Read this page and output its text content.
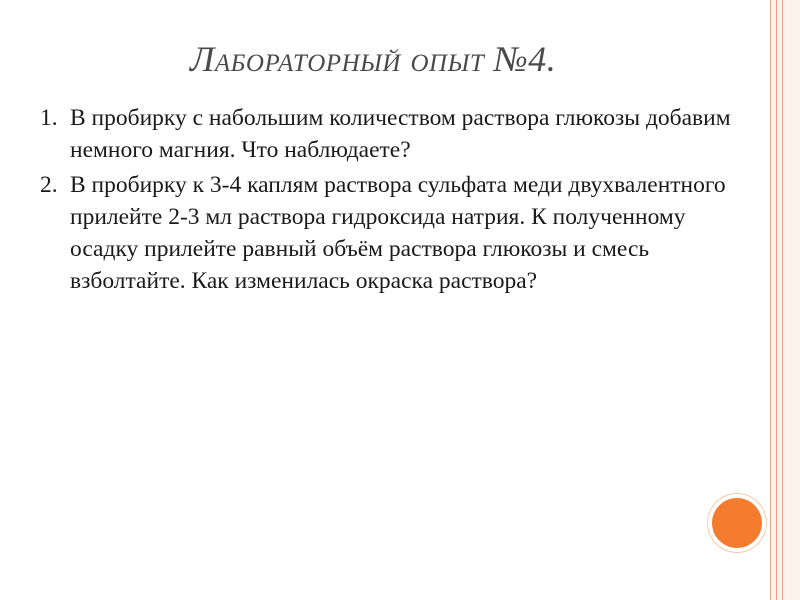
Лабораторный опыт №4.
1. В пробирку с набольшим количеством раствора глюкозы добавим немного магния. Что наблюдаете?
2. В пробирку к 3-4 каплям раствора сульфата меди двухвалентного прилейте 2-3 мл раствора гидроксида натрия. К полученному осадку прилейте равный объём раствора глюкозы и смесь взболтайте. Как изменилась окраска раствора?
